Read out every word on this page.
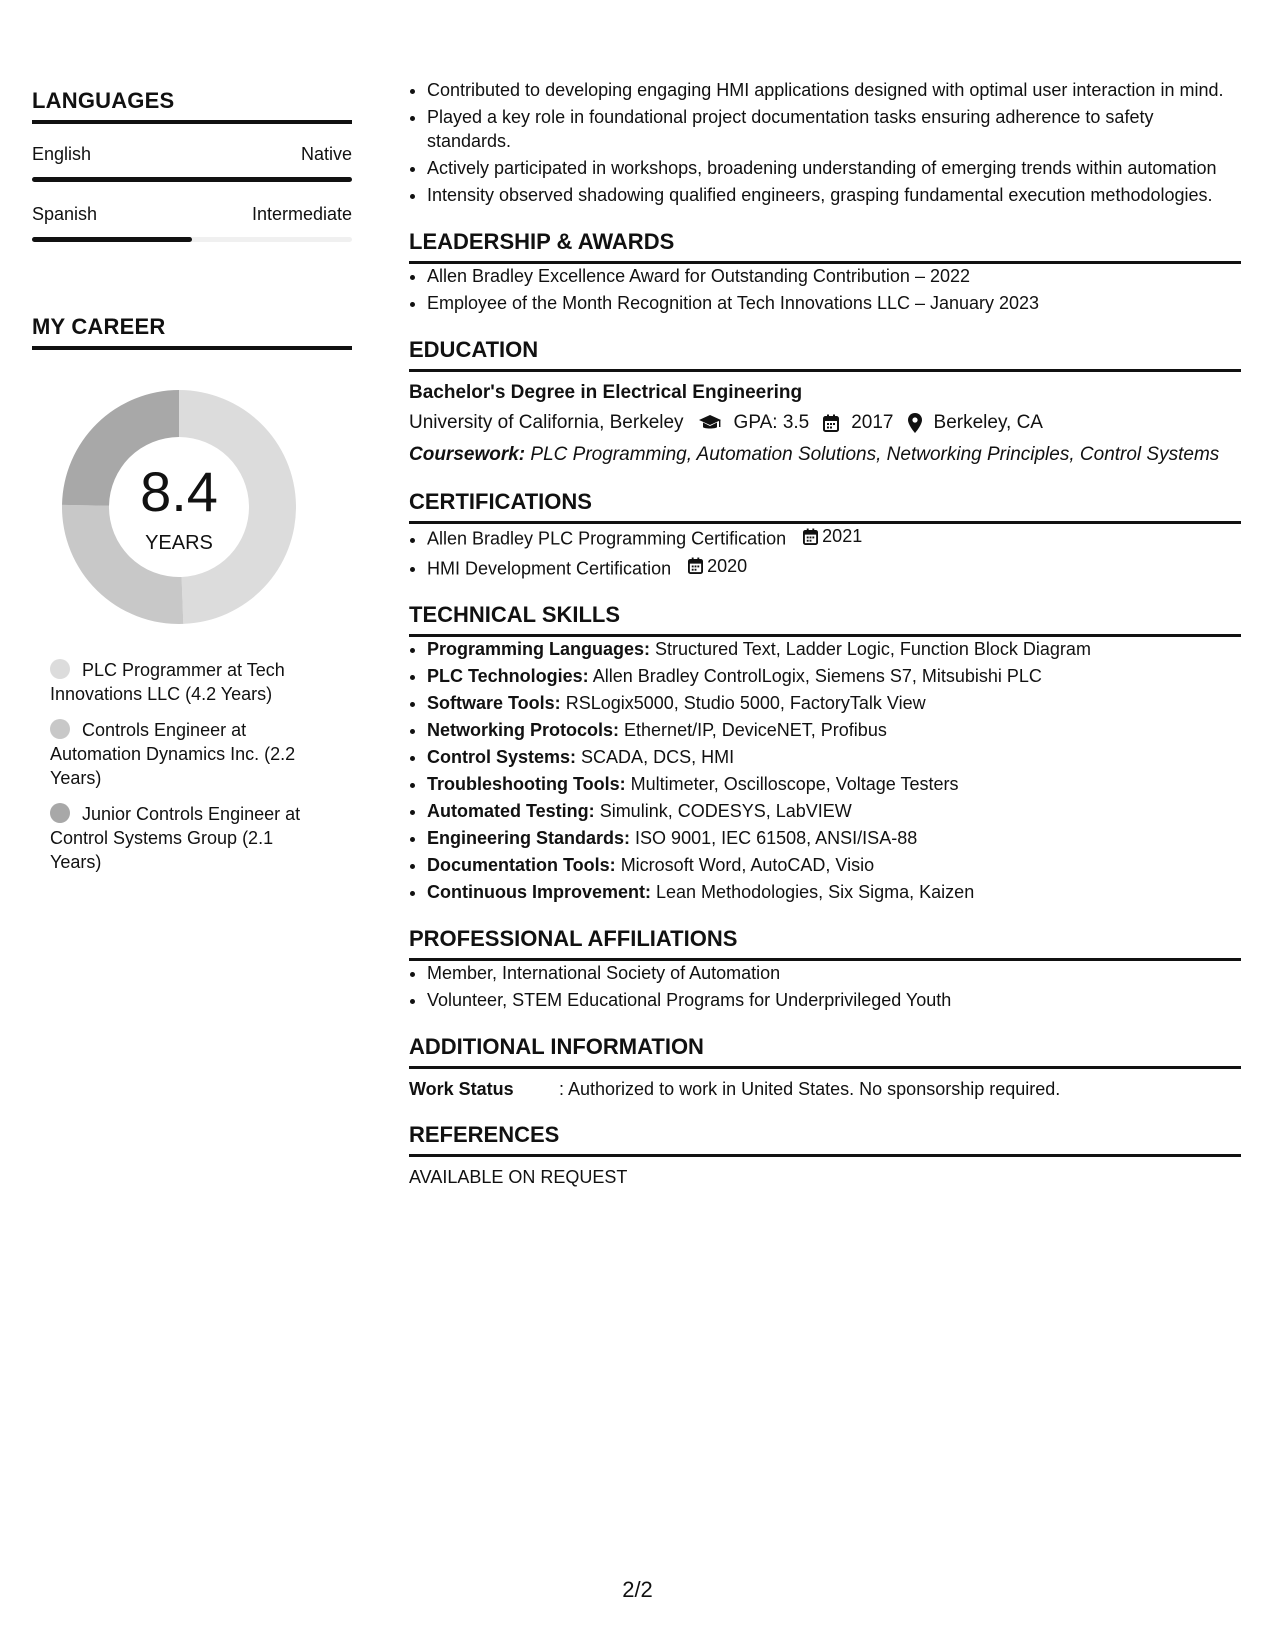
LANGUAGES
English	Native
Spanish	Intermediate
MY CAREER
8.4
YEARS
PLC Programmer at Tech Innovations LLC (4.2 Years)
Controls Engineer at Automation Dynamics Inc. (2.2 Years)
Junior Controls Engineer at Control Systems Group (2.1 Years)
• Contributed to developing engaging HMI applications designed with optimal user interaction in mind.
• Played a key role in foundational project documentation tasks ensuring adherence to safety standards.
• Actively participated in workshops, broadening understanding of emerging trends within automation
• Intensity observed shadowing qualified engineers, grasping fundamental execution methodologies.
LEADERSHIP & AWARDS
• Allen Bradley Excellence Award for Outstanding Contribution – 2022
• Employee of the Month Recognition at Tech Innovations LLC – January 2023
EDUCATION
Bachelor's Degree in Electrical Engineering
University of California, Berkeley	GPA: 3.5 2017 Berkeley, CA
Coursework: PLC Programming, Automation Solutions, Networking Principles, Control Systems
CERTIFICATIONS
• Allen Bradley PLC Programming Certification 2021
• HMI Development Certification 2020
TECHNICAL SKILLS
• Programming Languages: Structured Text, Ladder Logic, Function Block Diagram
• PLC Technologies: Allen Bradley ControlLogix, Siemens S7, Mitsubishi PLC
• Software Tools: RSLogix5000, Studio 5000, FactoryTalk View
• Networking Protocols: Ethernet/IP, DeviceNET, Profibus
• Control Systems: SCADA, DCS, HMI
• Troubleshooting Tools: Multimeter, Oscilloscope, Voltage Testers
• Automated Testing: Simulink, CODESYS, LabVIEW
• Engineering Standards: ISO 9001, IEC 61508, ANSI/ISA-88
• Documentation Tools: Microsoft Word, AutoCAD, Visio
• Continuous Improvement: Lean Methodologies, Six Sigma, Kaizen
PROFESSIONAL AFFILIATIONS
• Member, International Society of Automation
• Volunteer, STEM Educational Programs for Underprivileged Youth
ADDITIONAL INFORMATION
Work Status	: Authorized to work in United States. No sponsorship required.
REFERENCES
AVAILABLE ON REQUEST
2/2
